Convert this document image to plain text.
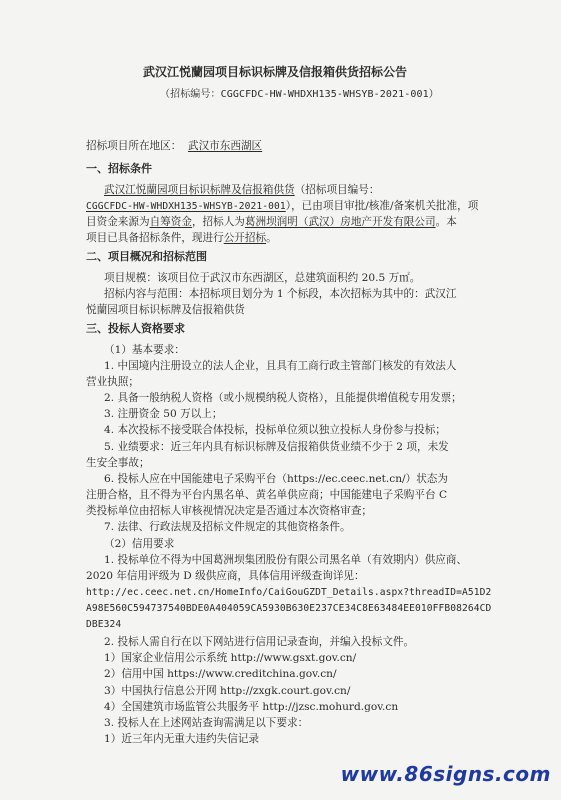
武汉江悦蘭园项目标识标牌及信报箱供货招标公告
（招标编号：CGGCFDC-HW-WHDXH135-WHSYB-2021-001）
招标项目所在地区： 武汉市东西湖区
一、招标条件
武汉江悦蘭园项目标识标牌及信报箱供货（招标项目编号：
CGGCFDC-HW-WHDXH135-WHSYB-2021-001），已由项目审批/核准/备案机关批准，项
目资金来源为自筹资金，招标人为葛洲坝润明（武汉）房地产开发有限公司。本
项目已具备招标条件，现进行公开招标。
二、项目概况和招标范围
项目规模：该项目位于武汉市东西湖区，总建筑面积约 20.5 万㎡。
招标内容与范围：本招标项目划分为 1 个标段，本次招标为其中的：武汉江
悦蘭园项目标识标牌及信报箱供货
三、投标人资格要求
（1）基本要求：
1. 中国境内注册设立的法人企业，且具有工商行政主管部门核发的有效法人
营业执照；
2. 具备一般纳税人资格（或小规模纳税人资格），且能提供增值税专用发票；
3. 注册资金 50 万以上；
4. 本次投标不接受联合体投标，投标单位须以独立投标人身份参与投标；
5. 业绩要求：近三年内具有标识标牌及信报箱供货业绩不少于 2 项，未发
生安全事故；
6. 投标人应在中国能建电子采购平台（https://ec.ceec.net.cn/）状态为
注册合格，且不得为平台内黑名单、黄名单供应商；中国能建电子采购平台 C
类投标单位由招标人审核视情况决定是否通过本次资格审查；
7. 法律、行政法规及招标文件规定的其他资格条件。
（2）信用要求
1. 投标单位不得为中国葛洲坝集团股份有限公司黑名单（有效期内）供应商、
2020 年信用评级为 D 级供应商，具体信用评级查询详见：
http://ec.ceec.net.cn/HomeInfo/CaiGouGZDT_Details.aspx?threadID=A51D2
A98E560C594737540BDE0A404059CA5930B630E237CE34C8E63484EE010FFB08264CD
DBE324
2. 投标人需自行在以下网站进行信用记录查询，并编入投标文件。
1）国家企业信用公示系统 http://www.gsxt.gov.cn/
2）信用中国 https://www.creditchina.gov.cn/
3）中国执行信息公开网 http://zxgk.court.gov.cn/
4）全国建筑市场监管公共服务平 http://jzsc.mohurd.gov.cn
3. 投标人在上述网站查询需满足以下要求：
1）近三年内无重大违约失信记录
www.86signs.com
